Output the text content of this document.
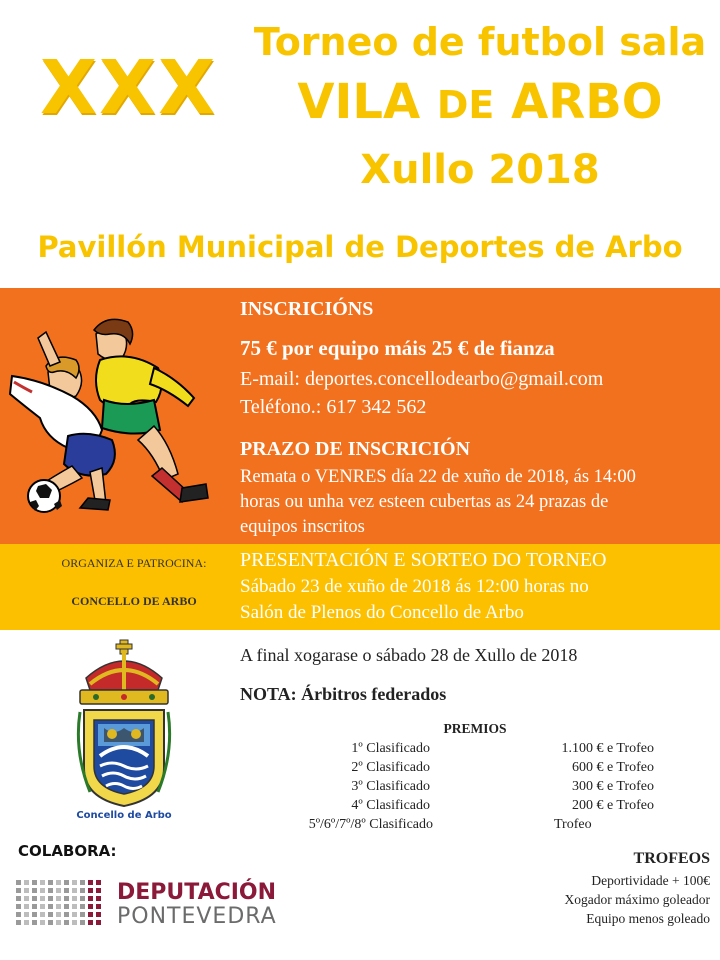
XXX
Torneo de futbol sala
VILA DE ARBO
Xullo 2018
Pavillón Municipal de Deportes de Arbo
INSCRICIÓNS
75 € por equipo máis 25 € de fianza
E-mail: deportes.concellodearbo@gmail.com
Teléfono.: 617 342 562
PRAZO DE INSCRICIÓN
Remata o VENRES día 22 de xuño de 2018, ás 14:00
horas ou unha vez esteen cubertas as 24 prazas de
equipos inscritos
ORGANIZA E PATROCINA:
CONCELLO DE ARBO
PRESENTACIÓN E SORTEO DO TORNEO
Sábado 23 de xuño de 2018 ás 12:00 horas no
Salón de Plenos do Concello de Arbo
Concello de Arbo
A final xogarase o sábado 28 de Xullo de 2018
NOTA: Árbitros federados
PREMIOS
1º Clasificado	1.100 € e Trofeo
2º Clasificado	600 € e Trofeo
3º Clasificado	300 € e Trofeo
4º Clasificado	200 € e Trofeo
5º/6º/7º/8º Clasificado	Trofeo
COLABORA:
DEPUTACIÓN
PONTEVEDRA
TROFEOS
Deportividade + 100€
Xogador máximo goleador
Equipo menos goleado
